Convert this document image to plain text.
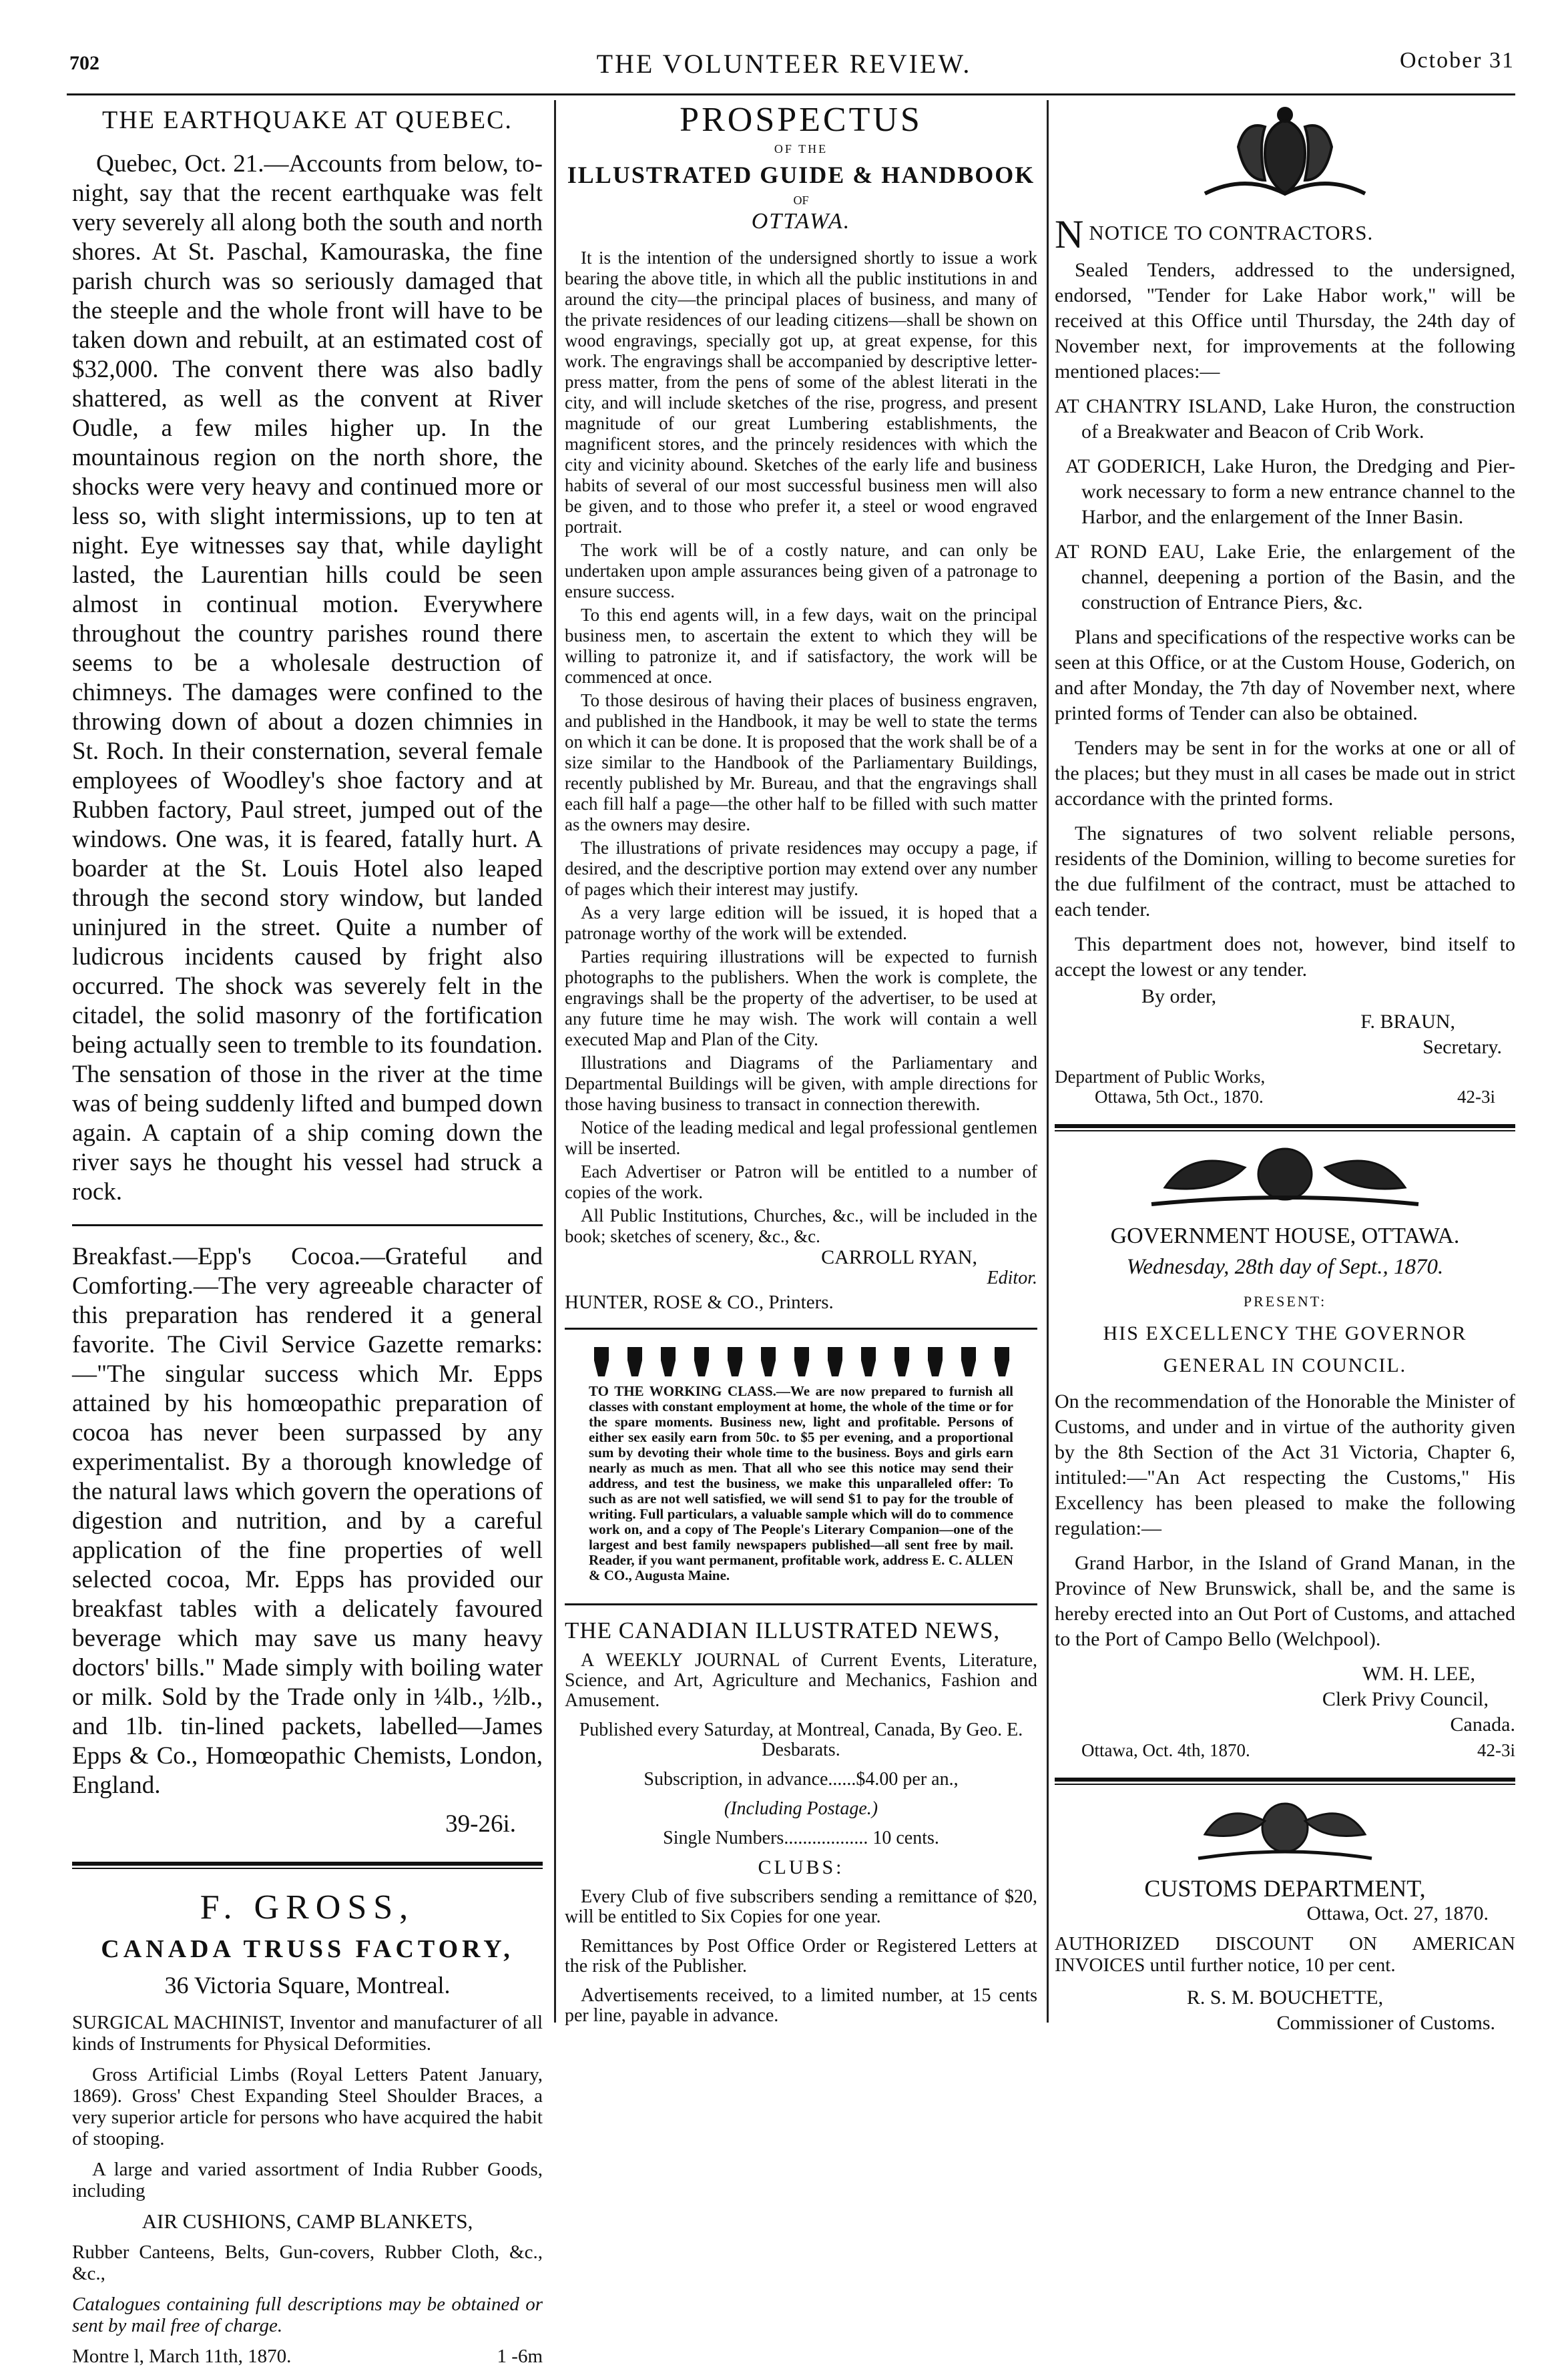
702	THE VOLUNTEER REVIEW.	October 31
THE EARTHQUAKE AT QUEBEC.

Quebec, Oct. 21.—Accounts from below, to-night, say that the recent earthquake was felt very severely all along both the south and north shores. At St. Paschal, Kamouraska, the fine parish church was so seriously damaged that the steeple and the whole front will have to be taken down and rebuilt, at an estimated cost of $32,000. The convent there was also badly shattered, as well as the convent at River Oudle, a few miles higher up. In the mountainous region on the north shore, the shocks were very heavy and continued more or less so, with slight intermissions, up to ten at night. Eye witnesses say that, while daylight lasted, the Laurentian hills could be seen almost in continual motion. Everywhere throughout the country parishes round there seems to be a wholesale destruction of chimneys. The damages were confined to the throwing down of about a dozen chimnies in St. Roch. In their consternation, several female employees of Woodley's shoe factory and at Rubben factory, Paul street, jumped out of the windows. One was, it is feared, fatally hurt. A boarder at the St. Louis Hotel also leaped through the second story window, but landed uninjured in the street. Quite a number of ludicrous incidents caused by fright also occurred. The shock was severely felt in the citadel, the solid masonry of the fortification being actually seen to tremble to its foundation. The sensation of those in the river at the time was of being suddenly lifted and bumped down again. A captain of a ship coming down the river says he thought his vessel had struck a rock.

Breakfast.—Epp's Cocoa.—Grateful and Comforting.—The very agreeable character of this preparation has rendered it a general favorite. The Civil Service Gazette remarks:—"The singular success which Mr. Epps attained by his homœopathic preparation of cocoa has never been surpassed by any experimentalist. By a thorough knowledge of the natural laws which govern the operations of digestion and nutrition, and by a careful application of the fine properties of well selected cocoa, Mr. Epps has provided our breakfast tables with a delicately favoured beverage which may save us many heavy doctors' bills." Made simply with boiling water or milk. Sold by the Trade only in ¼lb., ½lb., and 1lb. tin-lined packets, labelled—James Epps & Co., Homœopathic Chemists, London, England.

39-26i.
F. GROSS,
CANADA TRUSS FACTORY,
36 Victoria Square, Montreal.

SURGICAL MACHINIST, Inventor and manufacturer of all kinds of Instruments for Physical Deformities.

Gross Artificial Limbs (Royal Letters Patent January, 1869). Gross' Chest Expanding Steel Shoulder Braces, a very superior article for persons who have acquired the habit of stooping.

A large and varied assortment of India Rubber Goods, including

AIR CUSHIONS, CAMP BLANKETS,

Rubber Canteens, Belts, Gun-covers, Rubber Cloth, &c., &c.,

Catalogues containing full descriptions may be obtained or sent by mail free of charge.

Montre l, March 11th, 1870.	1 -6m
PROSPECTUS
OF THE
ILLUSTRATED GUIDE & HANDBOOK
OF
OTTAWA.

It is the intention of the undersigned shortly to issue a work bearing the above title, in which all the public institutions in and around the city—the principal places of business, and many of the private residences of our leading citizens—shall be shown on wood engravings, specially got up, at great expense, for this work. The engravings shall be accompanied by descriptive letter-press matter, from the pens of some of the ablest literati in the city, and will include sketches of the rise, progress, and present magnitude of our great Lumbering establishments, the magnificent stores, and the princely residences with which the city and vicinity abound. Sketches of the early life and business habits of several of our most successful business men will also be given, and to those who prefer it, a steel or wood engraved portrait.

The work will be of a costly nature, and can only be undertaken upon ample assurances being given of a patronage to ensure success.

To this end agents will, in a few days, wait on the principal business men, to ascertain the extent to which they will be willing to patronize it, and if satisfactory, the work will be commenced at once.

To those desirous of having their places of business engraven, and published in the Handbook, it may be well to state the terms on which it can be done. It is proposed that the work shall be of a size similar to the Handbook of the Parliamentary Buildings, recently published by Mr. Bureau, and that the engravings shall each fill half a page—the other half to be filled with such matter as the owners may desire.

The illustrations of private residences may occupy a page, if desired, and the descriptive portion may extend over any number of pages which their interest may justify.

As a very large edition will be issued, it is hoped that a patronage worthy of the work will be extended.

Parties requiring illustrations will be expected to furnish photographs to the publishers. When the work is complete, the engravings shall be the property of the advertiser, to be used at any future time he may wish. The work will contain a well executed Map and Plan of the City.

Illustrations and Diagrams of the Parliamentary and Departmental Buildings will be given, with ample directions for those having business to transact in connection therewith.

Notice of the leading medical and legal professional gentlemen will be inserted.

Each Advertiser or Patron will be entitled to a number of copies of the work.

All Public Institutions, Churches, &c., will be included in the book; sketches of scenery, &c., &c.

CARROLL RYAN,
Editor.
HUNTER, ROSE & CO., Printers.
TO THE WORKING CLASS.—We are now prepared to furnish all classes with constant employment at home, the whole of the time or for the spare moments. Business new, light and profitable. Persons of either sex easily earn from 50c. to $5 per evening, and a proportional sum by devoting their whole time to the business. Boys and girls earn nearly as much as men. That all who see this notice may send their address, and test the business, we make this unparalleled offer: To such as are not well satisfied, we will send $1 to pay for the trouble of writing. Full particulars, a valuable sample which will do to commence work on, and a copy of The People's Literary Companion—one of the largest and best family newspapers published—all sent free by mail. Reader, if you want permanent, profitable work, address E. C. ALLEN & CO., Augusta Maine.
THE CANADIAN ILLUSTRATED NEWS,

A WEEKLY JOURNAL of Current Events, Literature, Science, and Art, Agriculture and Mechanics, Fashion and Amusement.

Published every Saturday, at Montreal, Canada, By Geo. E. Desbarats.

Subscription, in advance......$4.00 per an.,

(Including Postage.)

Single Numbers.................. 10 cents.

CLUBS:

Every Club of five subscribers sending a remittance of $20, will be entitled to Six Copies for one year.

Remittances by Post Office Order or Registered Letters at the risk of the Publisher.

Advertisements received, to a limited number, at 15 cents per line, payable in advance.

N NOTICE TO CONTRACTORS.

Sealed Tenders, addressed to the undersigned, endorsed, "Tender for Lake Habor work," will be received at this Office until Thursday, the 24th day of November next, for improvements at the following mentioned places:—

AT CHANTRY ISLAND, Lake Huron, the construction of a Breakwater and Beacon of Crib Work.

AT GODERICH, Lake Huron, the Dredging and Pier-work necessary to form a new entrance channel to the Harbor, and the enlargement of the Inner Basin.

AT ROND EAU, Lake Erie, the enlargement of the channel, deepening a portion of the Basin, and the construction of Entrance Piers, &c.

Plans and specifications of the respective works can be seen at this Office, or at the Custom House, Goderich, on and after Monday, the 7th day of November next, where printed forms of Tender can also be obtained.

Tenders may be sent in for the works at one or all of the places; but they must in all cases be made out in strict accordance with the printed forms.

The signatures of two solvent reliable persons, residents of the Dominion, willing to become sureties for the due fulfilment of the contract, must be attached to each tender.

This department does not, however, bind itself to accept the lowest or any tender.

By order,
F. BRAUN,
Secretary.
Department of Public Works,
Ottawa, 5th Oct., 1870.	42-3i
GOVERNMENT HOUSE, OTTAWA.
Wednesday, 28th day of Sept., 1870.
PRESENT:
HIS EXCELLENCY THE GOVERNOR
GENERAL IN COUNCIL.

On the recommendation of the Honorable the Minister of Customs, and under and in virtue of the authority given by the 8th Section of the Act 31 Victoria, Chapter 6, intituled:—"An Act respecting the Customs," His Excellency has been pleased to make the following regulation:—

Grand Harbor, in the Island of Grand Manan, in the Province of New Brunswick, shall be, and the same is hereby erected into an Out Port of Customs, and attached to the Port of Campo Bello (Welchpool).

WM. H. LEE,
Clerk Privy Council,
Canada.
Ottawa, Oct. 4th, 1870.	42-3i
CUSTOMS DEPARTMENT,
Ottawa, Oct. 27, 1870.

AUTHORIZED DISCOUNT ON AMERICAN INVOICES until further notice, 10 per cent.

R. S. M. BOUCHETTE,
Commissioner of Customs.
